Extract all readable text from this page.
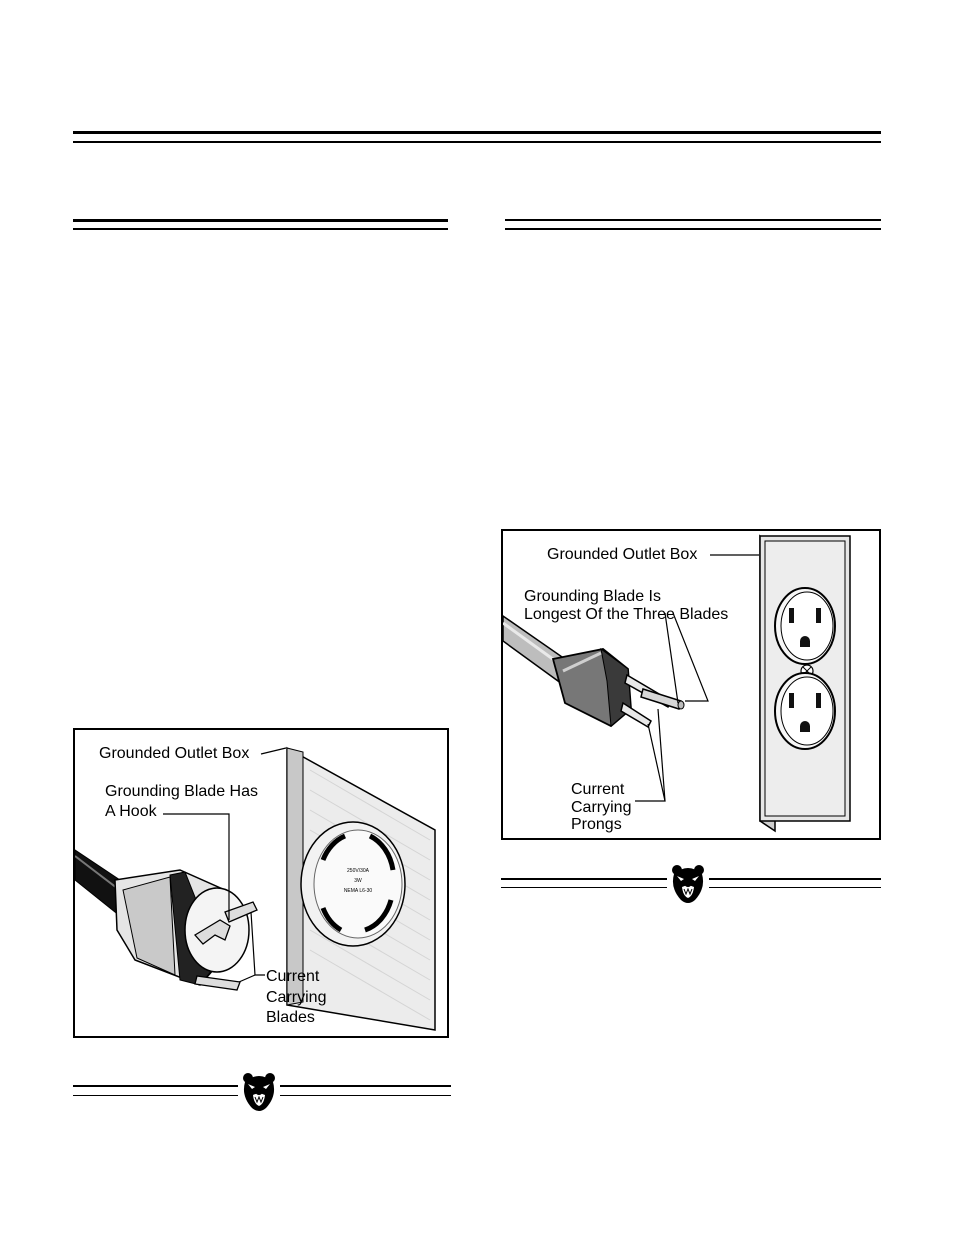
Grounded Outlet Box
Grounding Blade Is
Longest Of the Three Blades
Current
Carrying
Prongs
250V/30A
3W
NEMA L6-30
Grounded Outlet Box
Grounding Blade Has
A Hook
Current
Carrying
Blades
